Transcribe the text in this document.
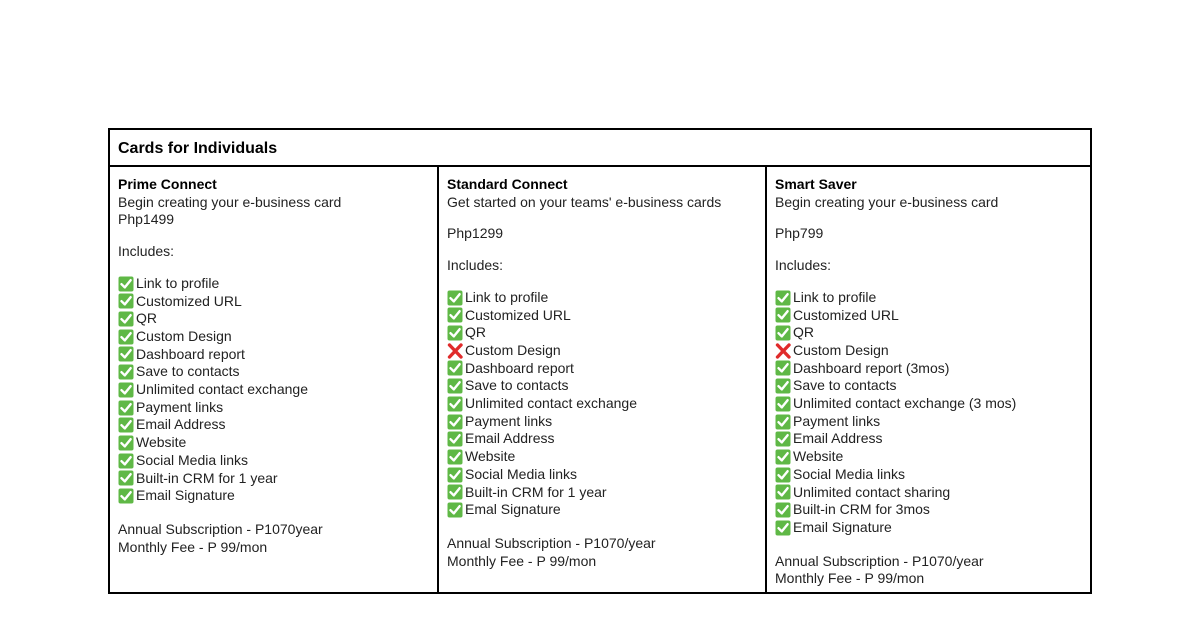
Cards for Individuals
Prime Connect
Begin creating your e-business card
Php1499
Includes:
Link to profile
Customized URL
QR
Custom Design
Dashboard report
Save to contacts
Unlimited contact exchange
Payment links
Email Address
Website
Social Media links
Built-in CRM for 1 year
Email Signature
Annual Subscription - P1070year
Monthly Fee - P 99/mon
Standard Connect
Get started on your teams' e-business cards
Php1299
Includes:
Link to profile
Customized URL
QR
Custom Design
Dashboard report
Save to contacts
Unlimited contact exchange
Payment links
Email Address
Website
Social Media links
Built-in CRM for 1 year
Emal Signature
Annual Subscription - P1070/year
Monthly Fee - P 99/mon
Smart Saver
Begin creating your e-business card
Php799
Includes:
Link to profile
Customized URL
QR
Custom Design
Dashboard report (3mos)
Save to contacts
Unlimited contact exchange (3 mos)
Payment links
Email Address
Website
Social Media links
Unlimited contact sharing
Built-in CRM for 3mos
Email Signature
Annual Subscription - P1070/year
Monthly Fee - P 99/mon
